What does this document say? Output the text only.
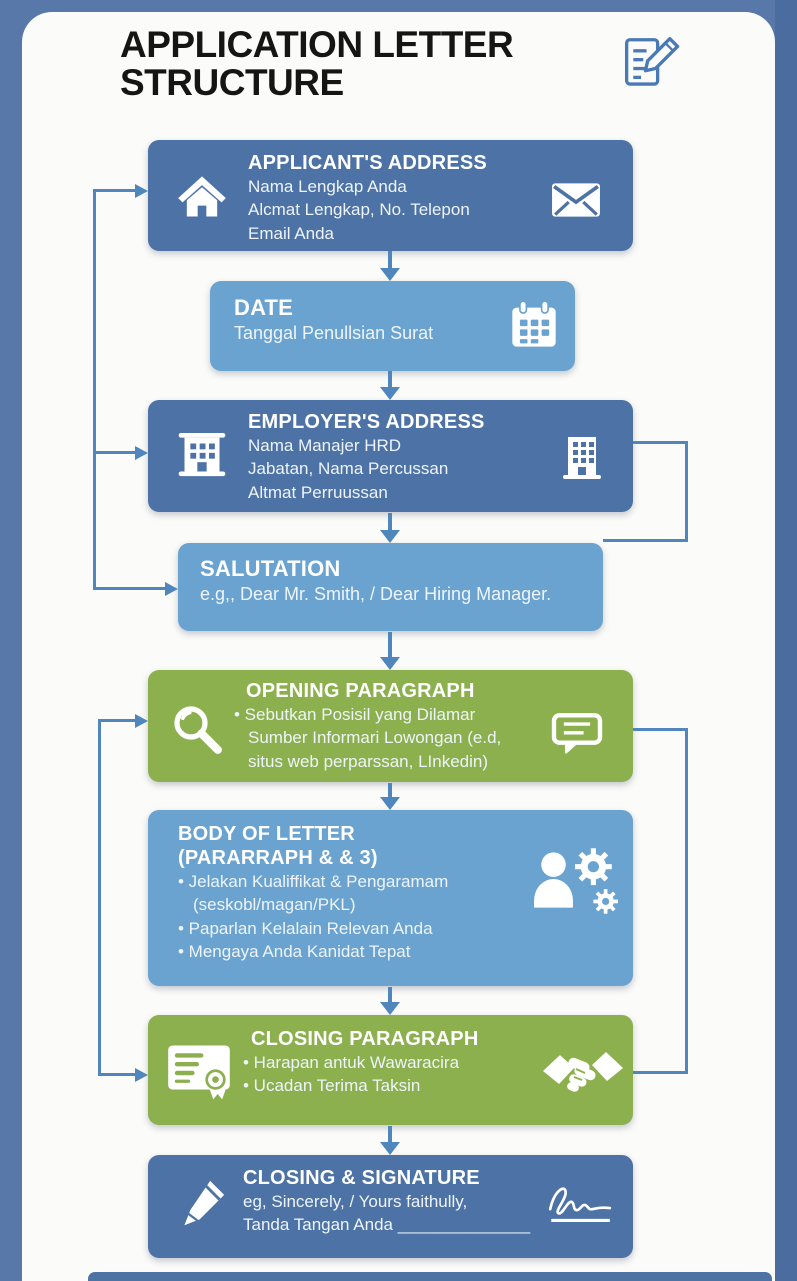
APPLICATION LETTER
STRUCTURE
APPLICANT'S ADDRESS
Nama Lengkap Anda
Alcmat Lengkap, No. Telepon
Email Anda
DATE
Tanggal Penullsian Surat
EMPLOYER'S ADDRESS
Nama Manajer HRD
Jabatan, Nama Percussan
Altmat Perruussan
SALUTATION
e.g,, Dear Mr. Smith, / Dear Hiring Manager.
OPENING PARAGRAPH
• Sebutkan Posisil yang Dilamar
Sumber Informari Lowongan (e.d,
situs web perparssan, LInkedin)
BODY OF LETTER
(PARARRAPH & & 3)
• Jelakan Kualiffikat & Pengaramam
(seskobl/magan/PKL)
• Paparlan Kelalain Relevan Anda
• Mengaya Anda Kanidat Tepat
CLOSING PARAGRAPH
• Harapan antuk Wawaracira
• Ucadan Terima Taksin
CLOSING & SIGNATURE
eg, Sincerely, / Yours faithully,
Tanda Tangan Anda ______________
